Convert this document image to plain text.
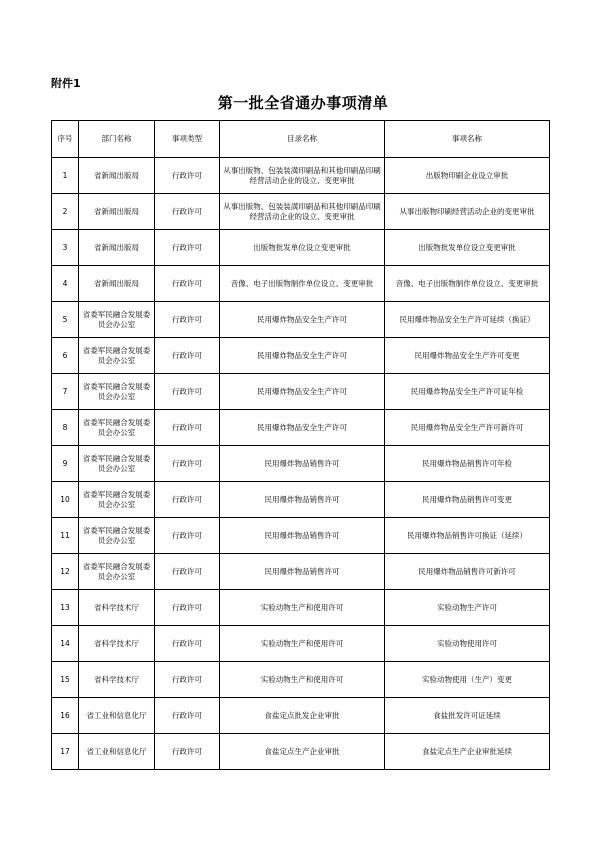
附件1
第一批全省通办事项清单
序号	部门名称	事项类型	目录名称	事项名称
1	省新闻出版局	行政许可	从事出版物、包装装潢印刷品和其他印刷品印刷经营活动企业的设立、变更审批	出版物印刷企业设立审批
2	省新闻出版局	行政许可	从事出版物、包装装潢印刷品和其他印刷品印刷经营活动企业的设立、变更审批	从事出版物印刷经营活动企业的变更审批
3	省新闻出版局	行政许可	出版物批发单位设立变更审批	出版物批发单位设立变更审批
4	省新闻出版局	行政许可	音像、电子出版物制作单位设立、变更审批	音像、电子出版物制作单位设立、变更审批
5	省委军民融合发展委员会办公室	行政许可	民用爆炸物品安全生产许可	民用爆炸物品安全生产许可延续（换证）
6	省委军民融合发展委员会办公室	行政许可	民用爆炸物品安全生产许可	民用爆炸物品安全生产许可变更
7	省委军民融合发展委员会办公室	行政许可	民用爆炸物品安全生产许可	民用爆炸物品安全生产许可证年检
8	省委军民融合发展委员会办公室	行政许可	民用爆炸物品安全生产许可	民用爆炸物品安全生产许可新许可
9	省委军民融合发展委员会办公室	行政许可	民用爆炸物品销售许可	民用爆炸物品销售许可年检
10	省委军民融合发展委员会办公室	行政许可	民用爆炸物品销售许可	民用爆炸物品销售许可变更
11	省委军民融合发展委员会办公室	行政许可	民用爆炸物品销售许可	民用爆炸物品销售许可换证（延续）
12	省委军民融合发展委员会办公室	行政许可	民用爆炸物品销售许可	民用爆炸物品销售许可新许可
13	省科学技术厅	行政许可	实验动物生产和使用许可	实验动物生产许可
14	省科学技术厅	行政许可	实验动物生产和使用许可	实验动物使用许可
15	省科学技术厅	行政许可	实验动物生产和使用许可	实验动物使用（生产）变更
16	省工业和信息化厅	行政许可	食盐定点批发企业审批	食盐批发许可证延续
17	省工业和信息化厅	行政许可	食盐定点生产企业审批	食盐定点生产企业审批延续
